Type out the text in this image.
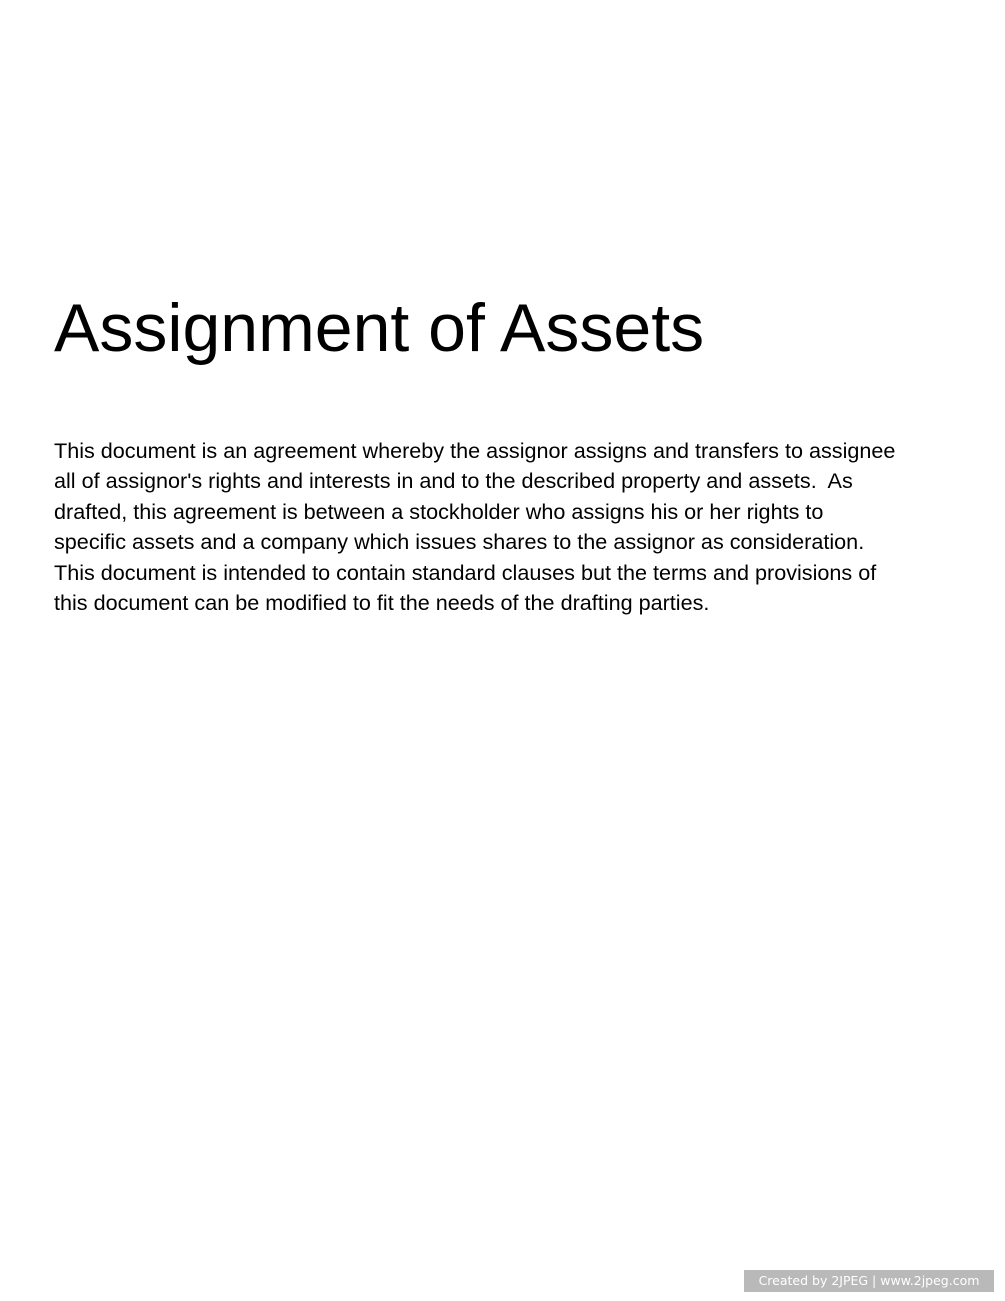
Assignment of Assets

This document is an agreement whereby the assignor assigns and transfers to assignee
all of assignor's rights and interests in and to the described property and assets.  As
drafted, this agreement is between a stockholder who assigns his or her rights to
specific assets and a company which issues shares to the assignor as consideration.
This document is intended to contain standard clauses but the terms and provisions of
this document can be modified to fit the needs of the drafting parties.

Created by 2JPEG | www.2jpeg.com
